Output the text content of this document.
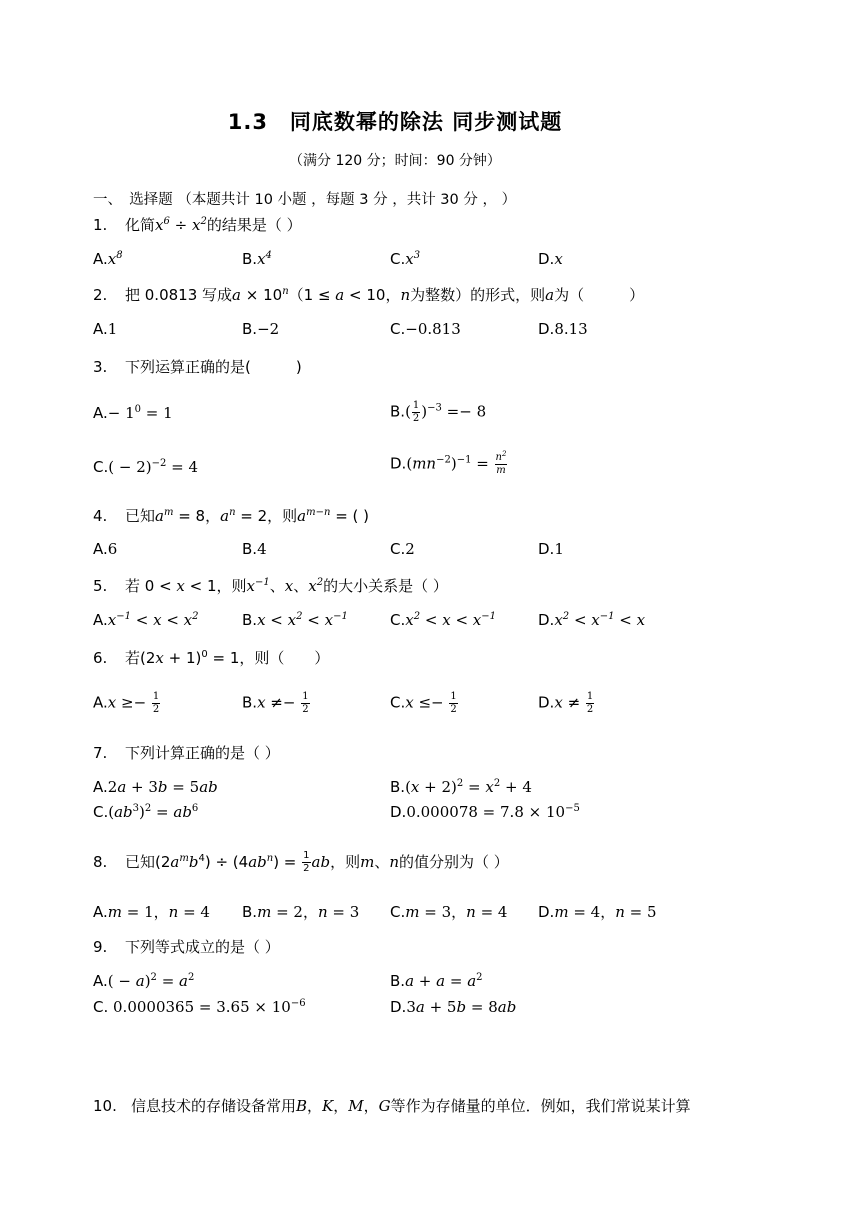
1.3　同底数幂的除法 同步测试题
（满分 120 分；时间：90 分钟）
一、　选择题 （本题共计 10 小题 ，每题 3 分 ，共计 30 分 ， ）
1. 化简$x^6 \div x^2$的结果是（ ）
$A.x^8$	$B.x^4$	$C.x^3$	D.x
2. 把 0.0813 写成$a \times 10^n(1 \le a < 10$，n为整数）的形式，则a为（　　　）
A.1	B.−2	C.−0.813	D.8.13
3. 下列运算正确的是(　　　)
$A.- 1^0 = 1$	$B.( \frac{1}{2} )^{-3} =- 8$
$C.( - 2)^{-2} = 4$	$D.(mn^{-2})^{-1} = \frac{n^2}{m}$
4. 已知$a^m = 8$，$a^n = 2$，则$a^{m-n}$ = ( )
A.6	B.4	C.2	D.1
5. 若 0 < x < 1，则$x^{-1}$、x、$x^2$的大小关系是（ ）
$A.x^{-1} < x < x^2$	$B.x < x^2 < x^{-1}$	$C.x^2 < x < x^{-1}$	$D.x^2 < x^{-1} < x$
6. 若$(2x + 1)^0 = 1$，则（　　）
$A.x \ge- \frac{1}{2}$	$B.x \ne- \frac{1}{2}$	$C.x \le- \frac{1}{2}$	$D.x \ne \frac{1}{2}$
7. 下列计算正确的是（ ）
A.2a + 3b = 5ab	$B.(x + 2)^2 = x^2 + 4$
$C.(ab^3)^2 = ab^6$	$D.0.000078 = 7.8 \times 10^{-5}$
8. 已知$(2a^mb^4) \div (4ab^n) = \frac{1}{2}$ ab，则m、n的值分别为（ ）
A.m = 1，n = 4 B.m = 2，n = 3 C.m = 3，n = 4 D.m = 4，n = 5
9. 下列等式成立的是（ ）
$A.( - a)^2 = a^2$	$B.a + a = a^2$
C. $0.0000365 = 3.65 \times 10^{-6}$	D.3a + 5b = 8ab
10. 信息技术的存储设备常用B，K，M，G等作为存储量的单位．例如，我们常说某计算
